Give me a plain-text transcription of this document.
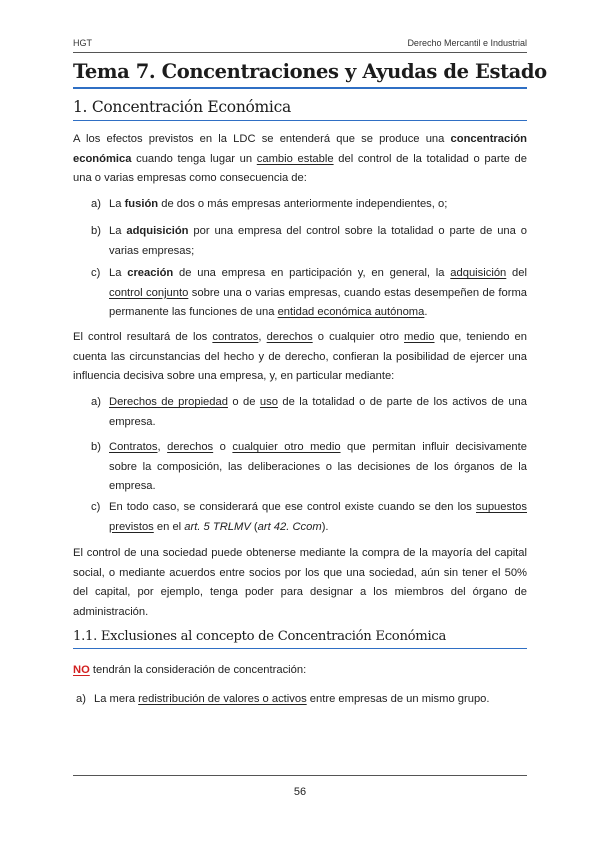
HGT	Derecho Mercantil e Industrial
Tema 7. Concentraciones y Ayudas de Estado
1. Concentración Económica
A los efectos previstos en la LDC se entenderá que se produce una concentración económica cuando tenga lugar un cambio estable del control de la totalidad o parte de una o varias empresas como consecuencia de:
a) La fusión de dos o más empresas anteriormente independientes, o;
b) La adquisición por una empresa del control sobre la totalidad o parte de una o varias empresas;
c) La creación de una empresa en participación y, en general, la adquisición del control conjunto sobre una o varias empresas, cuando estas desempeñen de forma permanente las funciones de una entidad económica autónoma.
El control resultará de los contratos, derechos o cualquier otro medio que, teniendo en cuenta las circunstancias del hecho y de derecho, confieran la posibilidad de ejercer una influencia decisiva sobre una empresa, y, en particular mediante:
a) Derechos de propiedad o de uso de la totalidad o de parte de los activos de una empresa.
b) Contratos, derechos o cualquier otro medio que permitan influir decisivamente sobre la composición, las deliberaciones o las decisiones de los órganos de la empresa.
c) En todo caso, se considerará que ese control existe cuando se den los supuestos previstos en el art. 5 TRLMV (art 42. Ccom).
El control de una sociedad puede obtenerse mediante la compra de la mayoría del capital social, o mediante acuerdos entre socios por los que una sociedad, aún sin tener el 50% del capital, por ejemplo, tenga poder para designar a los miembros del órgano de administración.
1.1. Exclusiones al concepto de Concentración Económica
NO tendrán la consideración de concentración:
a) La mera redistribución de valores o activos entre empresas de un mismo grupo.
56
